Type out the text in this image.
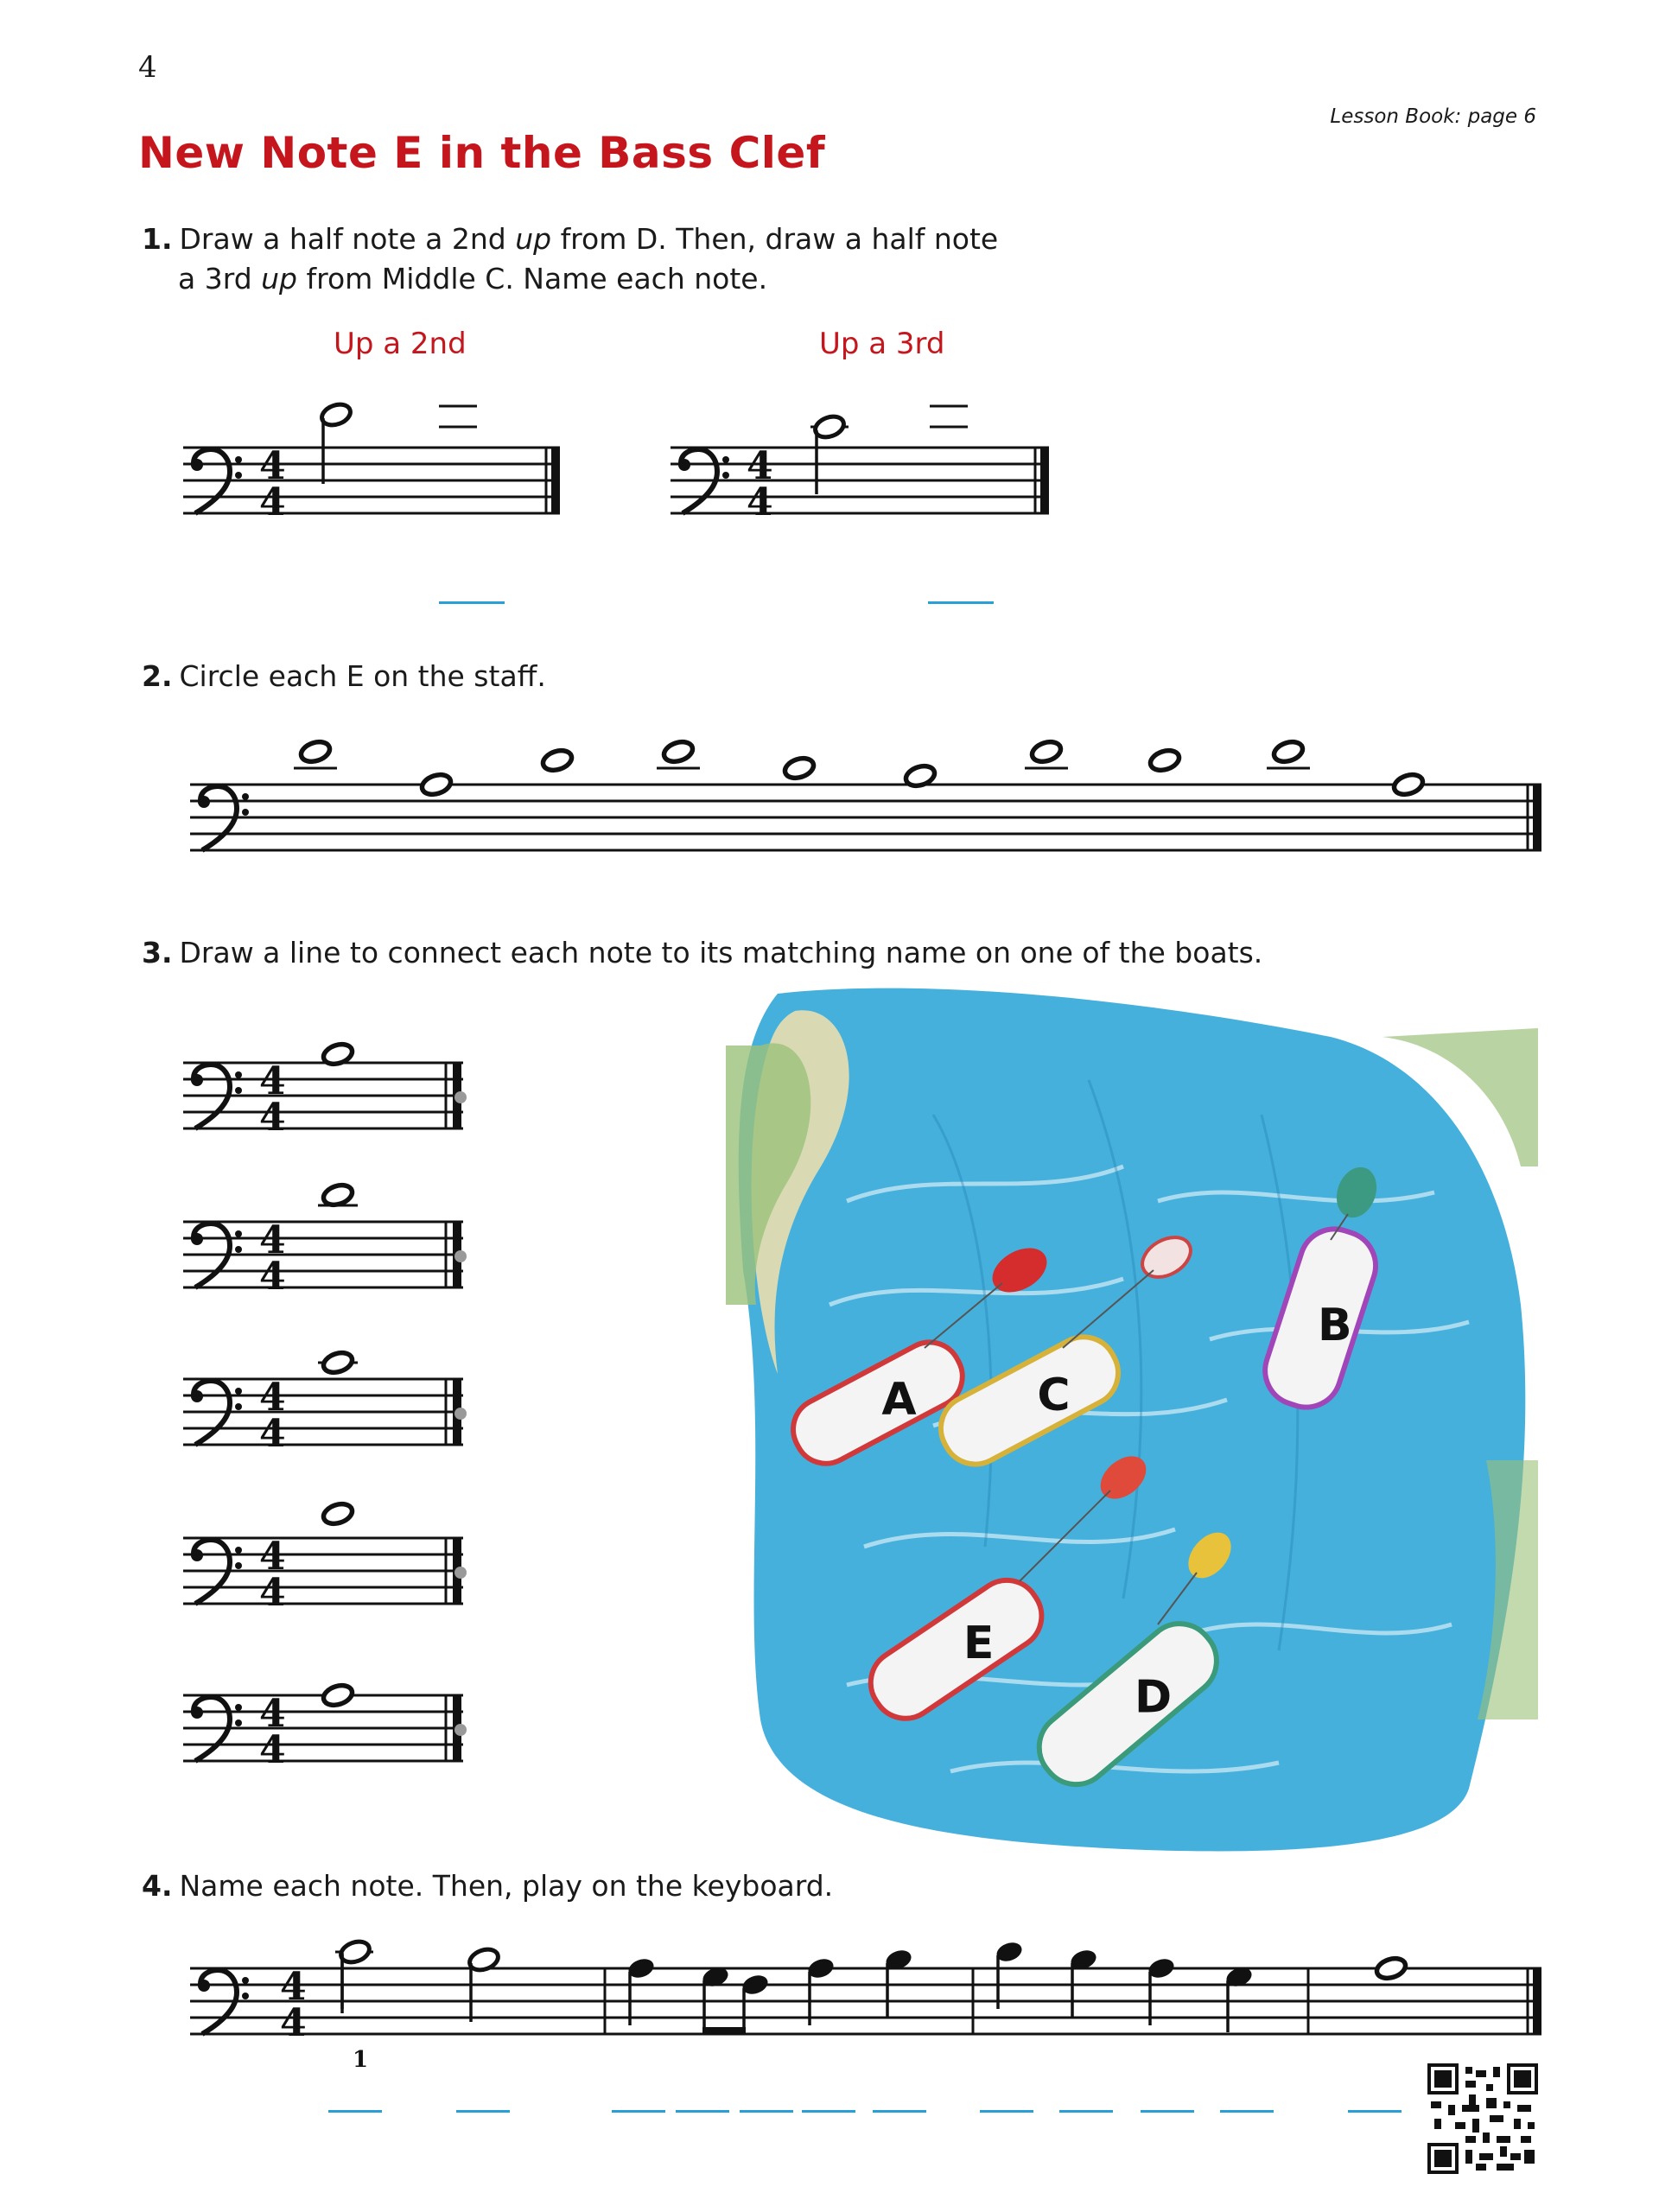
4
Lesson Book: page 6
New Note E in the Bass Clef
1. Draw a half note a 2nd up from D. Then, draw a half note
a 3rd up from Middle C. Name each note.
Up a 2nd	Up a 3rd
4
4
2. Circle each E on the staff.
3. Draw a line to connect each note to its matching name on one of the boats.
A	C
B
E
D
4. Name each note. Then, play on the keyboard.
1
